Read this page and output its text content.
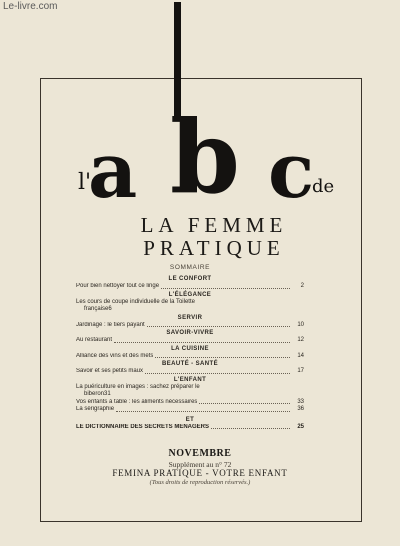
Le-livre.com
l'
a b c
de
LA FEMME
PRATIQUE
SOMMAIRE
LE CONFORT
Pour bien nettoyer tout ce linge	2
L'ÉLÉGANCE
Les cours de coupe individuelle de la Toilette
française 6
SERVIR
Jardinage : le tiers payant	10
SAVOIR-VIVRE
Au restaurant	12
LA CUISINE
Alliance des vins et des mets	14
BEAUTÉ - SANTÉ
Savoir et ses petits maux	17
L'ENFANT
La puériculture en images : sachez préparer le
biberon 31
Vos enfants à table : les aliments nécessaires	33
La sérigraphie	36
ET
LE DICTIONNAIRE DES SECRETS MÉNAGERS	25
NOVEMBRE
Supplément au n° 72
FEMINA PRATIQUE - VOTRE ENFANT
(Tous droits de reproduction réservés.)
